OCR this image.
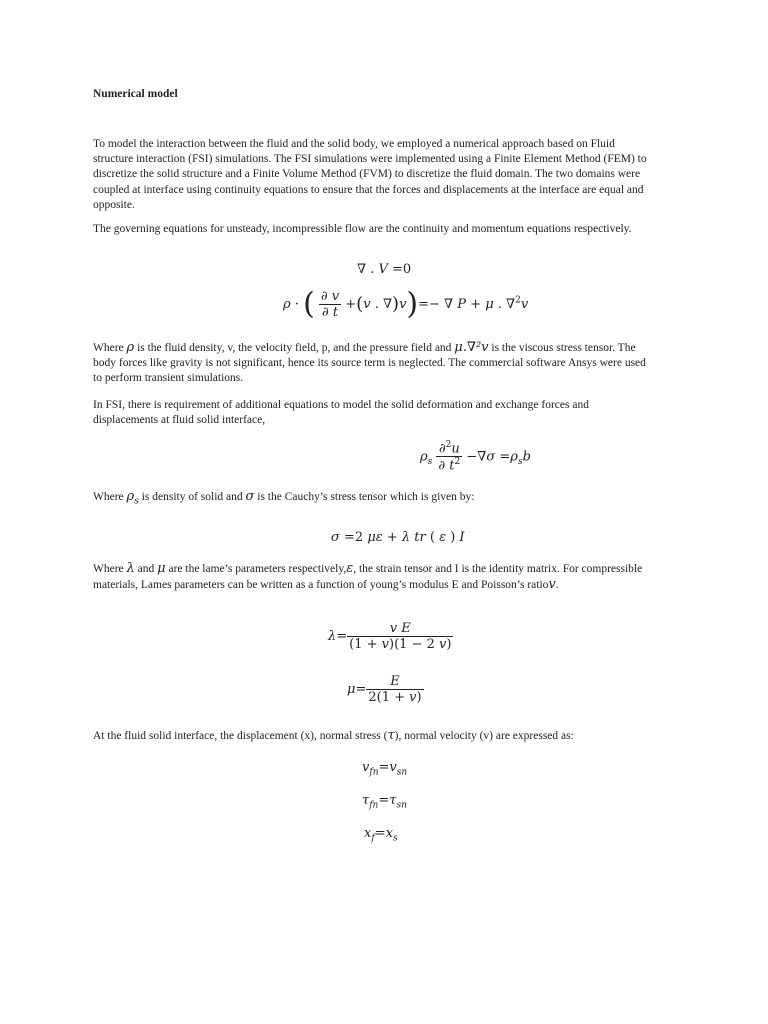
Numerical model

To model the interaction between the fluid and the solid body, we employed a numerical approach based on Fluid structure interaction (FSI) simulations. The FSI simulations were implemented using a Finite Element Method (FEM) to discretize the solid structure and a Finite Volume Method (FVM) to discretize the fluid domain. The two domains were coupled at interface using continuity equations to ensure that the forces and displacements at the interface are equal and opposite.

The governing equations for unsteady, incompressible flow are the continuity and momentum equations respectively.

∇ . V =0
ρ · ( $\frac{\partial v}{\partial t} +(v$ . ∇)v)=− ∇ P + μ . ∇$^2$v

Where ρ is the fluid density, v, the velocity field, p, and the pressure field and μ.∇²v is the viscous stress tensor. The body forces like gravity is not significant, hence its source term is neglected. The commercial software Ansys were used to perform transient simulations.

In FSI, there is requirement of additional equations to model the solid deformation and exchange forces and displacements at fluid solid interface,

$\rho_s \frac{\partial^2u}{\partial t^2} -\nabla\sigma =\rho_sb$

Where $\rho_s$ is density of solid and σ is the Cauchy’s stress tensor which is given by:

σ =2 με + λ tr ( ε ) I

Where λ and μ are the lame’s parameters respectively,ε, the strain tensor and I is the identity matrix. For compressible materials, Lames parameters can be written as a function of young’s modulus E and Poisson’s ratiov.

$\lambda= \frac{\text{v E}}{(1 + v)(1 - 2 v)}$
$\mu= \frac{E}{2(1 + v)}$

At the fluid solid interface, the displacement (x), normal stress (τ), normal velocity (v) are expressed as:

$v_{fn}=v_{sn}$
$\tau_{fn}=\tau_{sn}$
$x_f=x_s$
